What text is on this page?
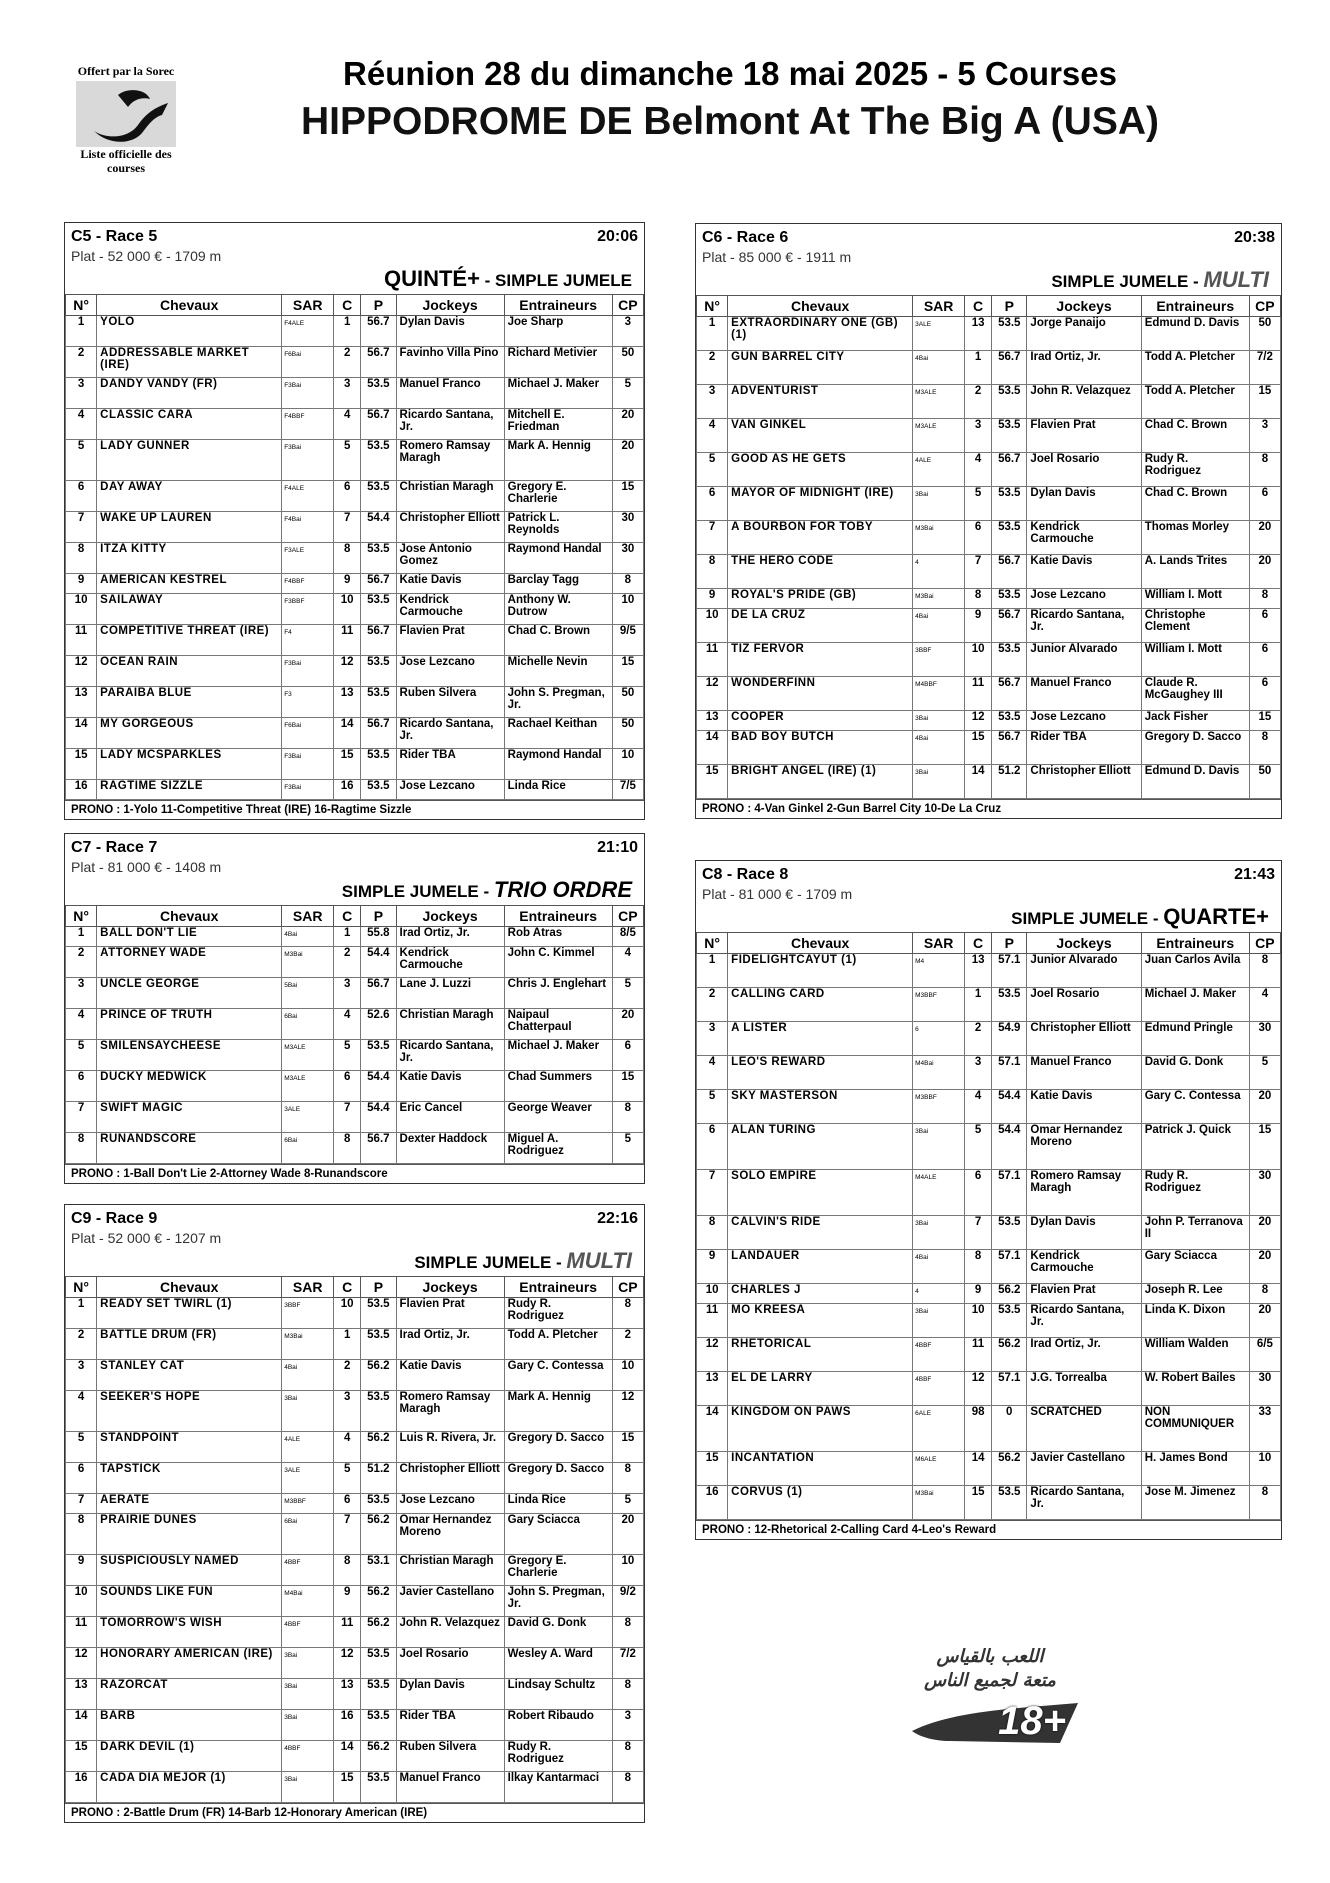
Offert par la Sorec
Liste officielle des courses
Réunion 28 du dimanche 18 mai 2025 - 5 Courses
HIPPODROME DE Belmont At The Big A (USA)
C5 - Race 5	20:06
Plat - 52 000 € - 1709 m
QUINTÉ+ - SIMPLE JUMELE
N°	Chevaux	SAR	C	P	Jockeys	Entraineurs	CP
1	YOLO	F4ALE	1	56.7	Dylan Davis	Joe Sharp	3
2	ADDRESSABLE MARKET (IRE)	F6Bai	2	56.7	Favinho Villa Pino	Richard Metivier	50
3	DANDY VANDY (FR)	F3Bai	3	53.5	Manuel Franco	Michael J. Maker	5
4	CLASSIC CARA	F4BBF	4	56.7	Ricardo Santana, Jr.	Mitchell E. Friedman	20
5	LADY GUNNER	F3Bai	5	53.5	Romero Ramsay Maragh	Mark A. Hennig	20
6	DAY AWAY	F4ALE	6	53.5	Christian Maragh	Gregory E. Charlerie	15
7	WAKE UP LAUREN	F4Bai	7	54.4	Christopher Elliott	Patrick L. Reynolds	30
8	ITZA KITTY	F3ALE	8	53.5	Jose Antonio Gomez	Raymond Handal	30
9	AMERICAN KESTREL	F4BBF	9	56.7	Katie Davis	Barclay Tagg	8
10	SAILAWAY	F3BBF	10	53.5	Kendrick Carmouche	Anthony W. Dutrow	10
11	COMPETITIVE THREAT (IRE)	F4	11	56.7	Flavien Prat	Chad C. Brown	9/5
12	OCEAN RAIN	F3Bai	12	53.5	Jose Lezcano	Michelle Nevin	15
13	PARAIBA BLUE	F3	13	53.5	Ruben Silvera	John S. Pregman, Jr.	50
14	MY GORGEOUS	F6Bai	14	56.7	Ricardo Santana, Jr.	Rachael Keithan	50
15	LADY MCSPARKLES	F3Bai	15	53.5	Rider TBA	Raymond Handal	10
16	RAGTIME SIZZLE	F3Bai	16	53.5	Jose Lezcano	Linda Rice	7/5
PRONO : 1-Yolo 11-Competitive Threat (IRE) 16-Ragtime Sizzle
C6 - Race 6	20:38
Plat - 85 000 € - 1911 m
SIMPLE JUMELE - MULTI
N°	Chevaux	SAR	C	P	Jockeys	Entraineurs	CP
1	EXTRAORDINARY ONE (GB) (1)	3ALE	13	53.5	Jorge Panaijo	Edmund D. Davis	50
2	GUN BARREL CITY	4Bai	1	56.7	Irad Ortiz, Jr.	Todd A. Pletcher	7/2
3	ADVENTURIST	M3ALE	2	53.5	John R. Velazquez	Todd A. Pletcher	15
4	VAN GINKEL	M3ALE	3	53.5	Flavien Prat	Chad C. Brown	3
5	GOOD AS HE GETS	4ALE	4	56.7	Joel Rosario	Rudy R. Rodriguez	8
6	MAYOR OF MIDNIGHT (IRE)	3Bai	5	53.5	Dylan Davis	Chad C. Brown	6
7	A BOURBON FOR TOBY	M3Bai	6	53.5	Kendrick Carmouche	Thomas Morley	20
8	THE HERO CODE	4	7	56.7	Katie Davis	A. Lands Trites	20
9	ROYAL'S PRIDE (GB)	M3Bai	8	53.5	Jose Lezcano	William I. Mott	8
10	DE LA CRUZ	4Bai	9	56.7	Ricardo Santana, Jr.	Christophe Clement	6
11	TIZ FERVOR	3BBF	10	53.5	Junior Alvarado	William I. Mott	6
12	WONDERFINN	M4BBF	11	56.7	Manuel Franco	Claude R. McGaughey III	6
13	COOPER	3Bai	12	53.5	Jose Lezcano	Jack Fisher	15
14	BAD BOY BUTCH	4Bai	15	56.7	Rider TBA	Gregory D. Sacco	8
15	BRIGHT ANGEL (IRE) (1)	3Bai	14	51.2	Christopher Elliott	Edmund D. Davis	50
PRONO : 4-Van Ginkel 2-Gun Barrel City 10-De La Cruz
C7 - Race 7	21:10
Plat - 81 000 € - 1408 m
SIMPLE JUMELE - TRIO ORDRE
N°	Chevaux	SAR	C	P	Jockeys	Entraineurs	CP
1	BALL DON'T LIE	4Bai	1	55.8	Irad Ortiz, Jr.	Rob Atras	8/5
2	ATTORNEY WADE	M3Bai	2	54.4	Kendrick Carmouche	John C. Kimmel	4
3	UNCLE GEORGE	5Bai	3	56.7	Lane J. Luzzi	Chris J. Englehart	5
4	PRINCE OF TRUTH	6Bai	4	52.6	Christian Maragh	Naipaul Chatterpaul	20
5	SMILENSAYCHEESE	M3ALE	5	53.5	Ricardo Santana, Jr.	Michael J. Maker	6
6	DUCKY MEDWICK	M3ALE	6	54.4	Katie Davis	Chad Summers	15
7	SWIFT MAGIC	3ALE	7	54.4	Eric Cancel	George Weaver	8
8	RUNANDSCORE	6Bai	8	56.7	Dexter Haddock	Miguel A. Rodriguez	5
PRONO : 1-Ball Don't Lie 2-Attorney Wade 8-Runandscore
C8 - Race 8	21:43
Plat - 81 000 € - 1709 m
SIMPLE JUMELE - QUARTE+
N°	Chevaux	SAR	C	P	Jockeys	Entraineurs	CP
1	FIDELIGHTCAYUT (1)	M4	13	57.1	Junior Alvarado	Juan Carlos Avila	8
2	CALLING CARD	M3BBF	1	53.5	Joel Rosario	Michael J. Maker	4
3	A LISTER	6	2	54.9	Christopher Elliott	Edmund Pringle	30
4	LEO'S REWARD	M4Bai	3	57.1	Manuel Franco	David G. Donk	5
5	SKY MASTERSON	M3BBF	4	54.4	Katie Davis	Gary C. Contessa	20
6	ALAN TURING	3Bai	5	54.4	Omar Hernandez Moreno	Patrick J. Quick	15
7	SOLO EMPIRE	M4ALE	6	57.1	Romero Ramsay Maragh	Rudy R. Rodriguez	30
8	CALVIN'S RIDE	3Bai	7	53.5	Dylan Davis	John P. Terranova II	20
9	LANDAUER	4Bai	8	57.1	Kendrick Carmouche	Gary Sciacca	20
10	CHARLES J	4	9	56.2	Flavien Prat	Joseph R. Lee	8
11	MO KREESA	3Bai	10	53.5	Ricardo Santana, Jr.	Linda K. Dixon	20
12	RHETORICAL	4BBF	11	56.2	Irad Ortiz, Jr.	William Walden	6/5
13	EL DE LARRY	4BBF	12	57.1	J.G. Torrealba	W. Robert Bailes	30
14	KINGDOM ON PAWS	6ALE	98	0	SCRATCHED	NON COMMUNIQUER	33
15	INCANTATION	M6ALE	14	56.2	Javier Castellano	H. James Bond	10
16	CORVUS (1)	M3Bai	15	53.5	Ricardo Santana, Jr.	Jose M. Jimenez	8
PRONO : 12-Rhetorical 2-Calling Card 4-Leo's Reward
C9 - Race 9	22:16
Plat - 52 000 € - 1207 m
SIMPLE JUMELE - MULTI
N°	Chevaux	SAR	C	P	Jockeys	Entraineurs	CP
1	READY SET TWIRL (1)	3BBF	10	53.5	Flavien Prat	Rudy R. Rodriguez	8
2	BATTLE DRUM (FR)	M3Bai	1	53.5	Irad Ortiz, Jr.	Todd A. Pletcher	2
3	STANLEY CAT	4Bai	2	56.2	Katie Davis	Gary C. Contessa	10
4	SEEKER'S HOPE	3Bai	3	53.5	Romero Ramsay Maragh	Mark A. Hennig	12
5	STANDPOINT	4ALE	4	56.2	Luis R. Rivera, Jr.	Gregory D. Sacco	15
6	TAPSTICK	3ALE	5	51.2	Christopher Elliott	Gregory D. Sacco	8
7	AERATE	M3BBF	6	53.5	Jose Lezcano	Linda Rice	5
8	PRAIRIE DUNES	6Bai	7	56.2	Omar Hernandez Moreno	Gary Sciacca	20
9	SUSPICIOUSLY NAMED	4BBF	8	53.1	Christian Maragh	Gregory E. Charlerie	10
10	SOUNDS LIKE FUN	M4Bai	9	56.2	Javier Castellano	John S. Pregman, Jr.	9/2
11	TOMORROW'S WISH	4BBF	11	56.2	John R. Velazquez	David G. Donk	8
12	HONORARY AMERICAN (IRE)	3Bai	12	53.5	Joel Rosario	Wesley A. Ward	7/2
13	RAZORCAT	3Bai	13	53.5	Dylan Davis	Lindsay Schultz	8
14	BARB	3Bai	16	53.5	Rider TBA	Robert Ribaudo	3
15	DARK DEVIL (1)	4BBF	14	56.2	Ruben Silvera	Rudy R. Rodriguez	8
16	CADA DIA MEJOR (1)	3Bai	15	53.5	Manuel Franco	Ilkay Kantarmaci	8
PRONO : 2-Battle Drum (FR) 14-Barb 12-Honorary American (IRE)
اللعب بالقياس
متعة لجميع الناس
18+
